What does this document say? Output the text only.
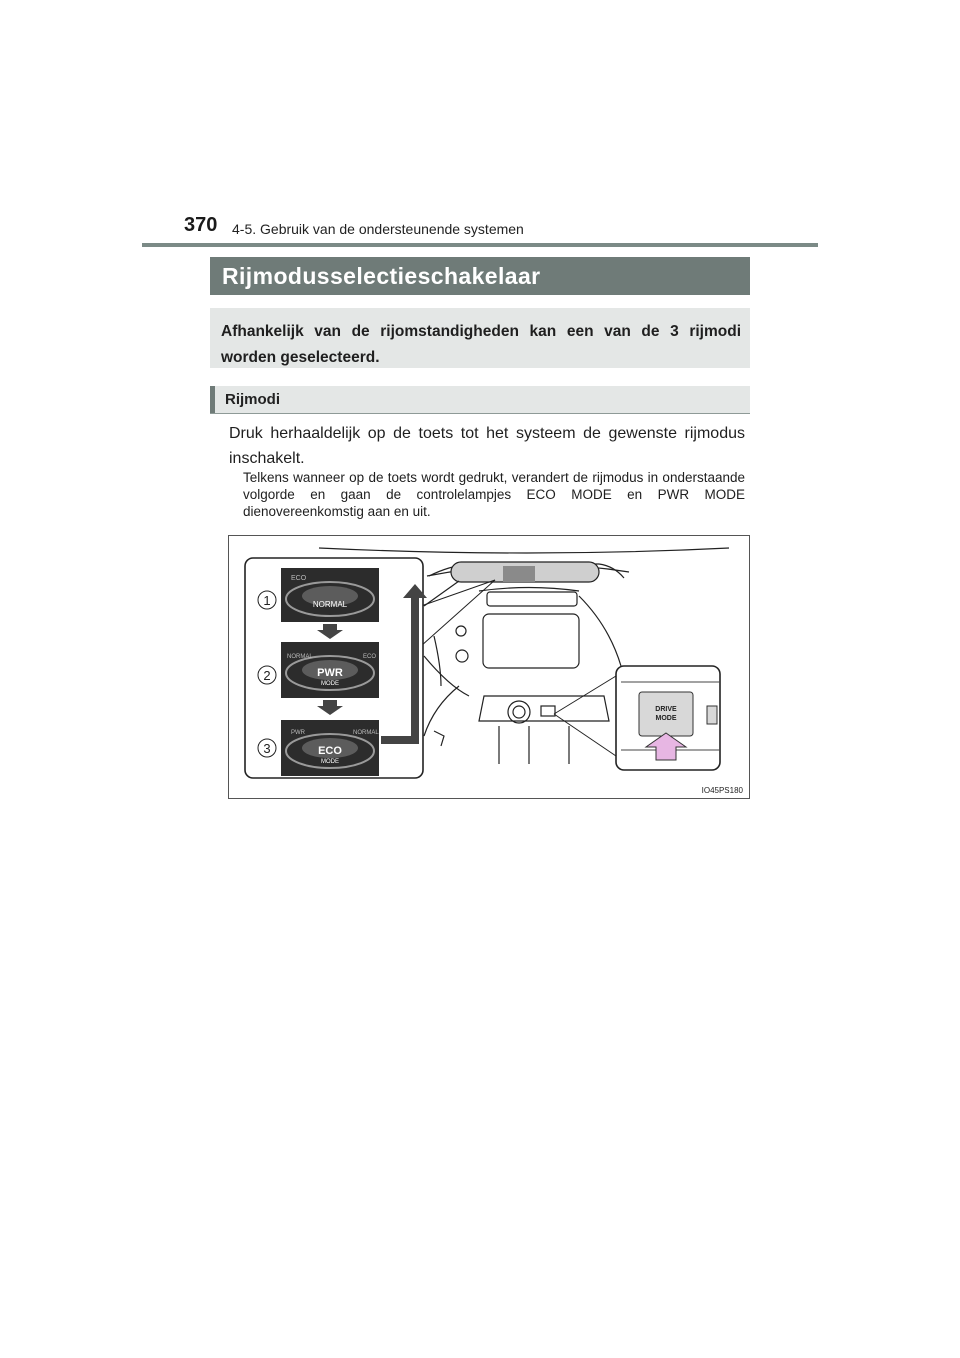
370 4-5. Gebruik van de ondersteunende systemen
Rijmodusselectieschakelaar
Afhankelijk van de rijomstandigheden kan een van de 3 rijmodi worden geselecteerd.
Rijmodi
Druk herhaaldelijk op de toets tot het systeem de gewenste rijmodus inschakelt.
Telkens wanneer op de toets wordt gedrukt, verandert de rijmodus in onderstaande volgorde en gaan de controlelampjes ECO MODE en PWR MODE dienovereenkomstig aan en uit.
NORMAL
ECO
NORMAL	ECO
PWR
MODE
PWR	NORMAL
ECO
MODE
1
2
3
DRIVE
MODE
IO45PS180
